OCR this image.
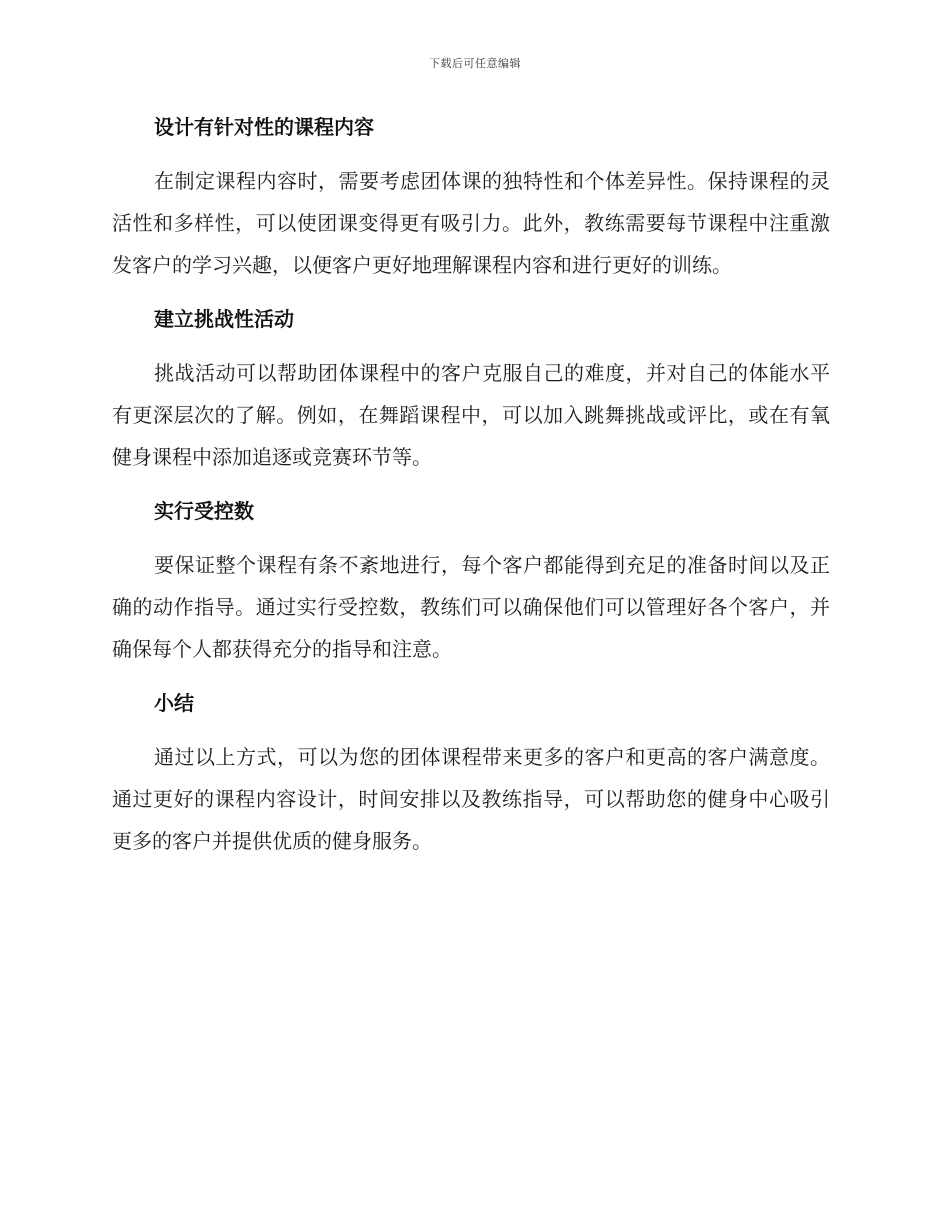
下载后可任意编辑
设计有针对性的课程内容

在制定课程内容时，需要考虑团体课的独特性和个体差异性。保持课程的灵活性和多样性，可以使团课变得更有吸引力。此外，教练需要每节课程中注重激发客户的学习兴趣，以便客户更好地理解课程内容和进行更好的训练。

建立挑战性活动

挑战活动可以帮助团体课程中的客户克服自己的难度，并对自己的体能水平有更深层次的了解。例如，在舞蹈课程中，可以加入跳舞挑战或评比，或在有氧健身课程中添加追逐或竞赛环节等。

实行受控数

要保证整个课程有条不紊地进行，每个客户都能得到充足的准备时间以及正确的动作指导。通过实行受控数，教练们可以确保他们可以管理好各个客户，并确保每个人都获得充分的指导和注意。

小结

通过以上方式，可以为您的团体课程带来更多的客户和更高的客户满意度。通过更好的课程内容设计，时间安排以及教练指导，可以帮助您的健身中心吸引更多的客户并提供优质的健身服务。
